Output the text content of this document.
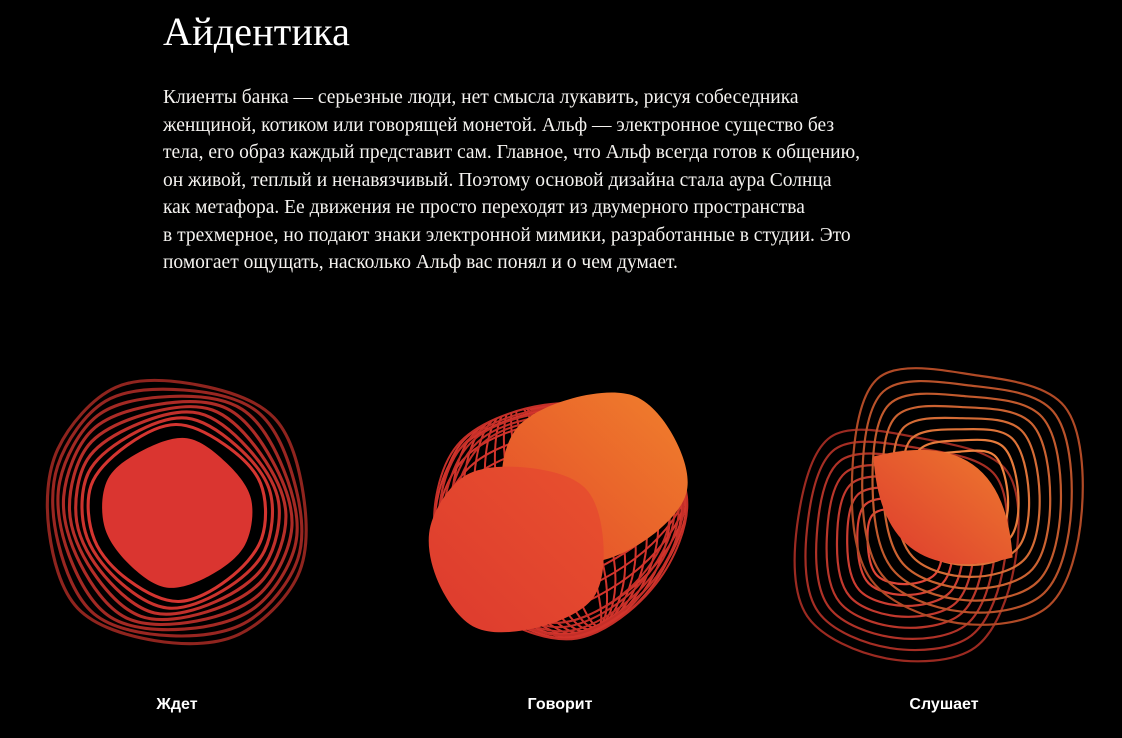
Айдентика
Клиенты банка — серьезные люди, нет смысла лукавить, рисуя собеседника
женщиной, котиком или говорящей монетой. Альф — электронное существо без
тела, его образ каждый представит сам. Главное, что Альф всегда готов к общению,
он живой, теплый и ненавязчивый. Поэтому основой дизайна стала аура Солнца
как метафора. Ее движения не просто переходят из двумерного пространства
в трехмерное, но подают знаки электронной мимики, разработанные в студии. Это
помогает ощущать, насколько Альф вас понял и о чем думает.
Ждет	Говорит	Слушает
